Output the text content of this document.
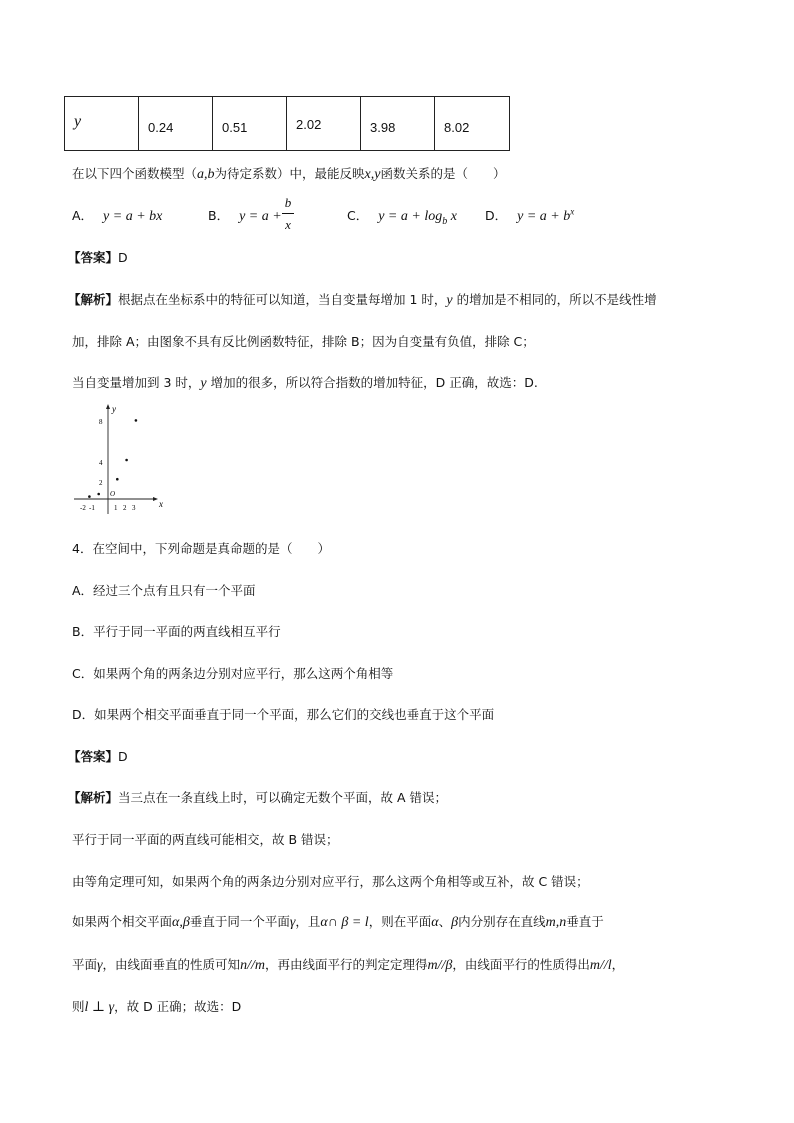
y	0.24	0.51	2.02	3.98	8.02
在以下四个函数模型（a,b为待定系数）中，最能反映x,y函数关系的是（　　）
A． y = a + bx	B． y = a +
b
x
C． $y = a + \log_b x$ D． $y = a + b^x$
【答案】D
【解析】根据点在坐标系中的特征可以知道，当自变量每增加 1 时，y 的增加是不相同的，所以不是线性增
加，排除 A；由图象不具有反比例函数特征，排除 B；因为自变量有负值，排除 C；
当自变量增加到 3 时，y 增加的很多，所以符合指数的增加特征，D 正确，故选：D.
x
y
O
8
4
2
-2 -1	1 2 3
4．在空间中，下列命题是真命题的是（　　）
A．经过三个点有且只有一个平面
B．平行于同一平面的两直线相互平行
C．如果两个角的两条边分别对应平行，那么这两个角相等
D．如果两个相交平面垂直于同一个平面，那么它们的交线也垂直于这个平面
【答案】D
【解析】当三点在一条直线上时，可以确定无数个平面，故 A 错误；
平行于同一平面的两直线可能相交，故 B 错误；
由等角定理可知，如果两个角的两条边分别对应平行，那么这两个角相等或互补，故 C 错误；
如果两个相交平面α,β垂直于同一个平面γ，且α∩ β = l，则在平面α、β内分别存在直线m,n垂直于
平面γ，由线面垂直的性质可知n//m，再由线面平行的判定定理得m//β，由线面平行的性质得出m//l，
则l ⊥ γ，故 D 正确；故选：D
